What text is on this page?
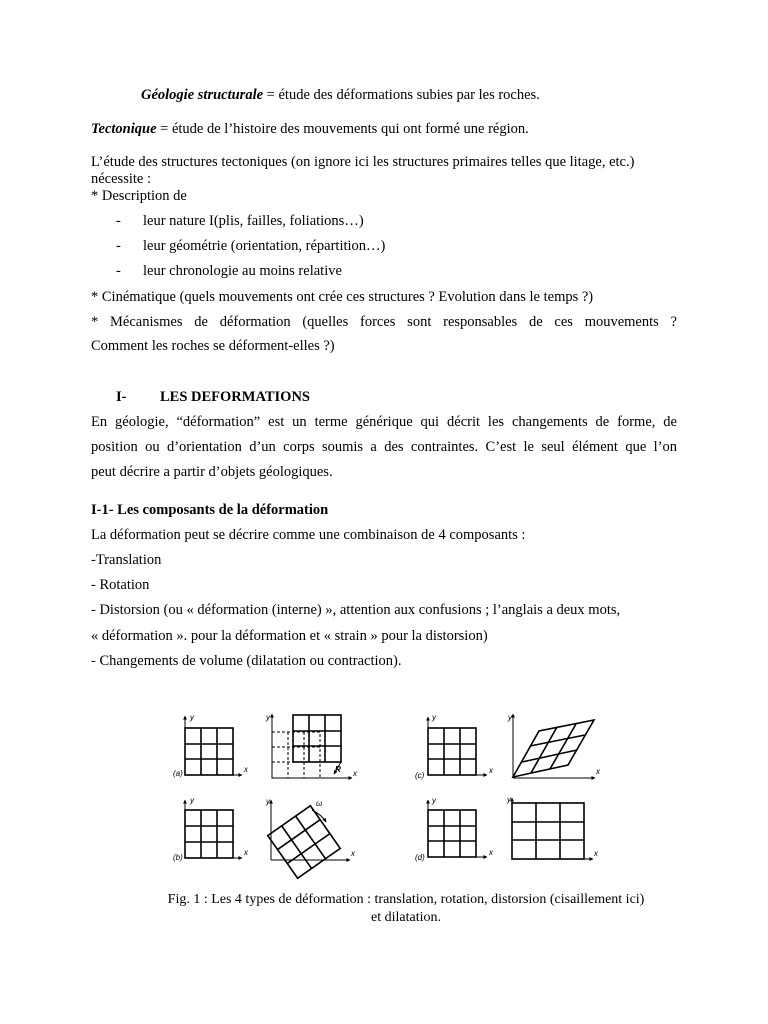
Géologie structurale = étude des déformations subies par les roches.
Tectonique = étude de l’histoire des mouvements qui ont formé une région.
L’étude des structures tectoniques (on ignore ici les structures primaires telles que litage, etc.)
nécessite :
* Description de
- leur nature I(plis, failles, foliations…)
- leur géométrie (orientation, répartition…)
- leur chronologie au moins relative
* Cinématique (quels mouvements ont crée ces structures ? Evolution dans le temps ?)
* Mécanismes de déformation (quelles forces sont responsables de ces mouvements ?
Comment les roches se déforment-elles ?)
I- LES DEFORMATIONS
En géologie, “déformation” est un terme générique qui décrit les changements de forme, de
position ou d’orientation d’un corps soumis a des contraintes. C’est le seul élément que l’on
peut décrire a partir d’objets géologiques.
I-1- Les composants de la déformation
La déformation peut se décrire comme une combinaison de 4 composants :
-Translation
- Rotation
- Distorsion (ou « déformation (interne) », attention aux confusions ; l’anglais a deux mots,
« déformation ». pour la déformation et « strain » pour la distorsion)
- Changements de volume (dilatation ou contraction).
(a)
(b)
(c)
(d)
y
x
y
x
R
y
x
y
x
ω
y
x
y
x
y
x
y
x
Fig. 1 : Les 4 types de déformation : translation, rotation, distorsion (cisaillement ici)
et dilatation.
